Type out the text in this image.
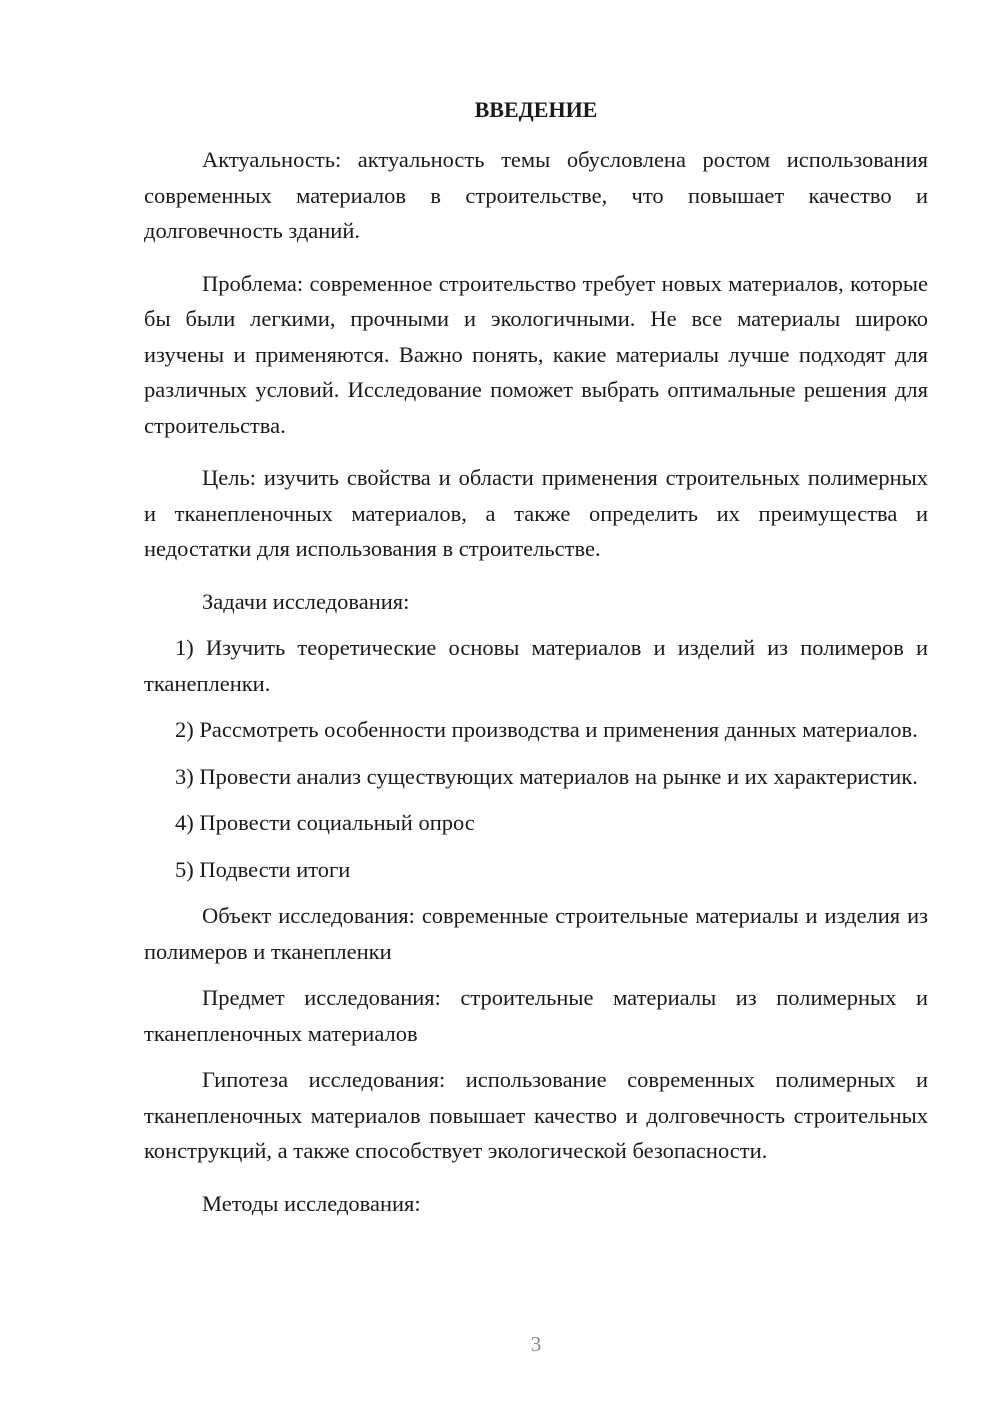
ВВЕДЕНИЕ

Актуальность: актуальность темы обусловлена ростом использования современных материалов в строительстве, что повышает качество и долговечность зданий.

Проблема: современное строительство требует новых материалов, которые бы были легкими, прочными и экологичными. Не все материалы широко изучены и применяются. Важно понять, какие материалы лучше подходят для различных условий. Исследование поможет выбрать оптимальные решения для строительства.

Цель: изучить свойства и области применения строительных полимерных и тканепленочных материалов, а также определить их преимущества и недостатки для использования в строительстве.

Задачи исследования:

1) Изучить теоретические основы материалов и изделий из полимеров и тканепленки.

2) Рассмотреть особенности производства и применения данных материалов.

3) Провести анализ существующих материалов на рынке и их характеристик.

4) Провести социальный опрос

5) Подвести итоги

Объект исследования: современные строительные материалы и изделия из полимеров и тканепленки

Предмет исследования: строительные материалы из полимерных и тканепленочных материалов

Гипотеза исследования: использование современных полимерных и тканепленочных материалов повышает качество и долговечность строительных конструкций, а также способствует экологической безопасности.

Методы исследования:

3
